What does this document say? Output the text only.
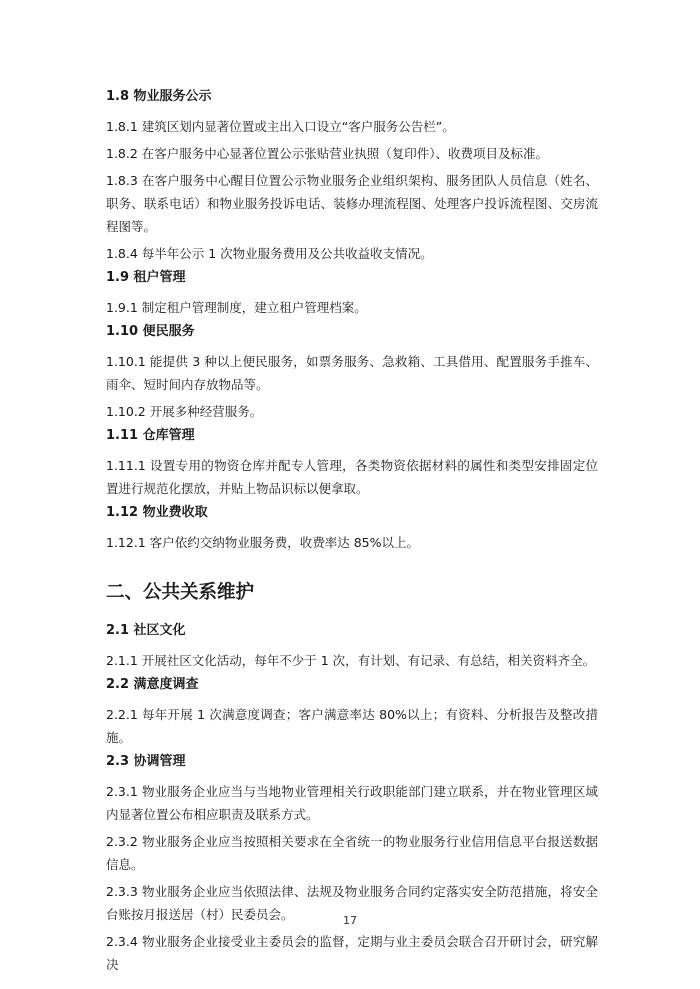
1.8 物业服务公示
1.8.1 建筑区划内显著位置或主出入口设立“客户服务公告栏”。
1.8.2 在客户服务中心显著位置公示张贴营业执照（复印件）、收费项目及标准。
1.8.3 在客户服务中心醒目位置公示物业服务企业组织架构、服务团队人员信息（姓名、职务、联系电话）和物业服务投诉电话、装修办理流程图、处理客户投诉流程图、交房流程图等。
1.8.4 每半年公示 1 次物业服务费用及公共收益收支情况。
1.9 租户管理
1.9.1 制定租户管理制度，建立租户管理档案。
1.10 便民服务
1.10.1 能提供 3 种以上便民服务，如票务服务、急救箱、工具借用、配置服务手推车、雨伞、短时间内存放物品等。
1.10.2 开展多种经营服务。
1.11 仓库管理
1.11.1 设置专用的物资仓库并配专人管理，各类物资依据材料的属性和类型安排固定位置进行规范化摆放，并贴上物品识标以便拿取。
1.12 物业费收取
1.12.1 客户依约交纳物业服务费，收费率达 85%以上。
二、公共关系维护
2.1 社区文化
2.1.1 开展社区文化活动，每年不少于 1 次，有计划、有记录、有总结，相关资料齐全。
2.2 满意度调查
2.2.1 每年开展 1 次满意度调查；客户满意率达 80%以上；有资料、分析报告及整改措施。
2.3 协调管理
2.3.1 物业服务企业应当与当地物业管理相关行政职能部门建立联系，并在物业管理区域内显著位置公布相应职责及联系方式。
2.3.2 物业服务企业应当按照相关要求在全省统一的物业服务行业信用信息平台报送数据信息。
2.3.3 物业服务企业应当依照法律、法规及物业服务合同约定落实安全防范措施，将安全台账按月报送居（村）民委员会。
2.3.4 物业服务企业接受业主委员会的监督，定期与业主委员会联合召开研讨会，研究解决
17
